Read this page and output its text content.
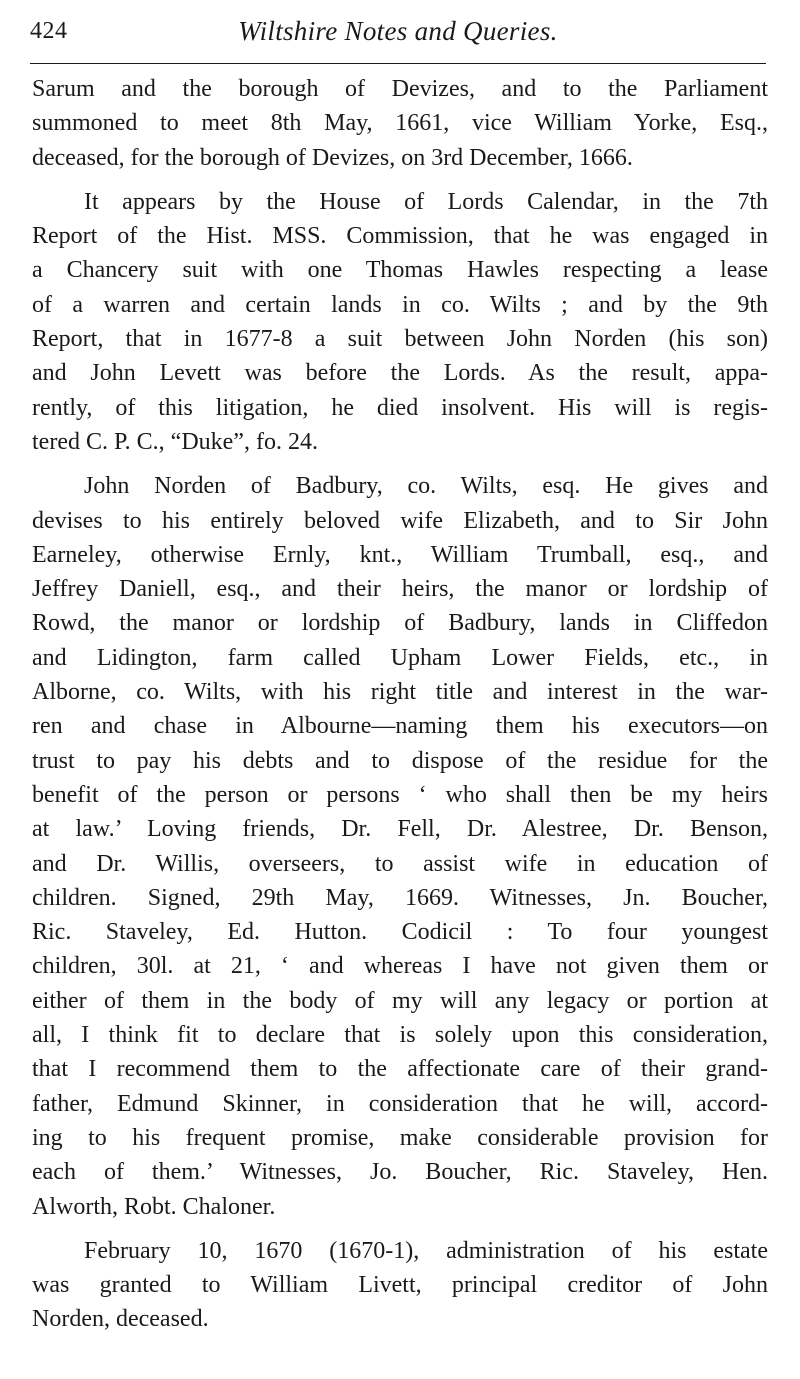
424	Wiltshire Notes and Queries.

Sarum and the borough of Devizes, and to the Parliament
summoned to meet 8th May, 1661, vice William Yorke, Esq.,
deceased, for the borough of Devizes, on 3rd December, 1666.

It appears by the House of Lords Calendar, in the 7th
Report of the Hist. MSS. Commission, that he was engaged in
a Chancery suit with one Thomas Hawles respecting a lease
of a warren and certain lands in co. Wilts ; and by the 9th
Report, that in 1677-8 a suit between John Norden (his son)
and John Levett was before the Lords. As the result, appa-
rently, of this litigation, he died insolvent. His will is regis-
tered C. P. C., “Duke”, fo. 24.

John Norden of Badbury, co. Wilts, esq. He gives and
devises to his entirely beloved wife Elizabeth, and to Sir John
Earneley, otherwise Ernly, knt., William Trumball, esq., and
Jeffrey Daniell, esq., and their heirs, the manor or lordship of
Rowd, the manor or lordship of Badbury, lands in Cliffedon
and Lidington, farm called Upham Lower Fields, etc., in
Alborne, co. Wilts, with his right title and interest in the war-
ren and chase in Albourne—naming them his executors—on
trust to pay his debts and to dispose of the residue for the
benefit of the person or persons ‘ who shall then be my heirs
at law.’ Loving friends, Dr. Fell, Dr. Alestree, Dr. Benson,
and Dr. Willis, overseers, to assist wife in education of
children. Signed, 29th May, 1669. Witnesses, Jn. Boucher,
Ric. Staveley, Ed. Hutton. Codicil : To four youngest
children, 30l. at 21, ‘ and whereas I have not given them or
either of them in the body of my will any legacy or portion at
all, I think fit to declare that is solely upon this consideration,
that I recommend them to the affectionate care of their grand-
father, Edmund Skinner, in consideration that he will, accord-
ing to his frequent promise, make considerable provision for
each of them.’ Witnesses, Jo. Boucher, Ric. Staveley, Hen.
Alworth, Robt. Chaloner.

February 10, 1670 (1670-1), administration of his estate
was granted to William Livett, principal creditor of John
Norden, deceased.
